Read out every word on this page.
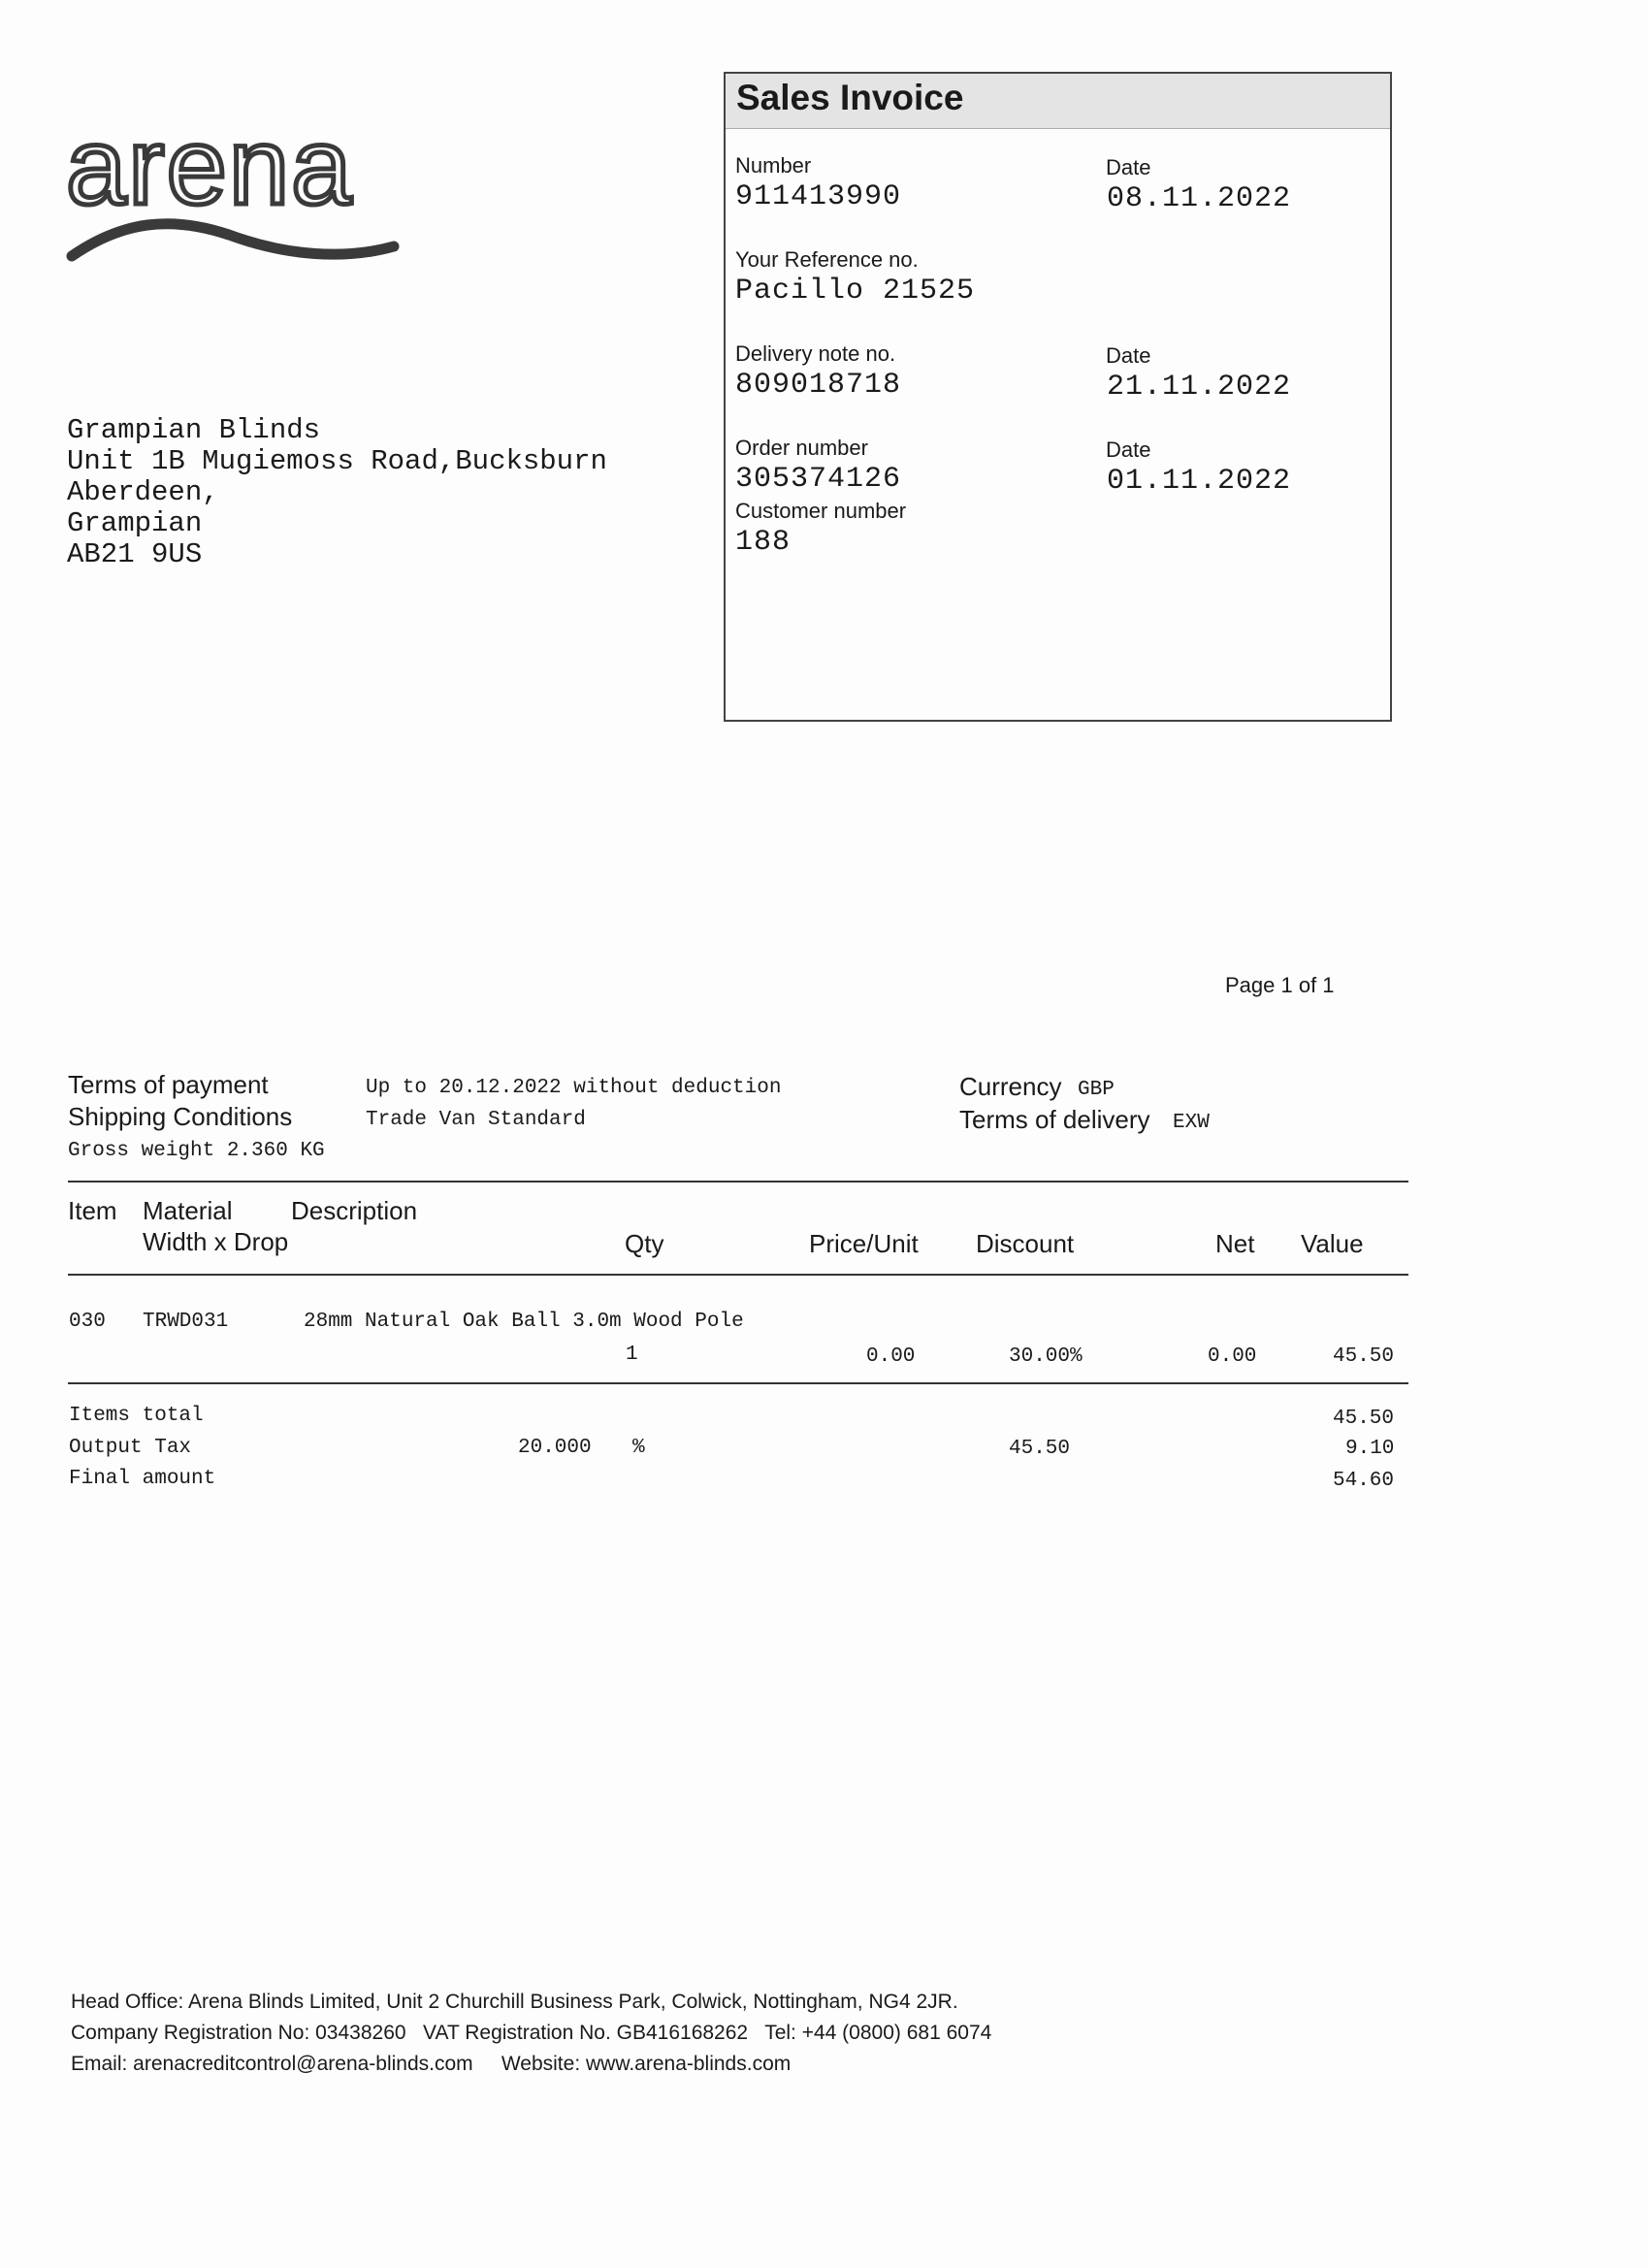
arena
Grampian Blinds
Unit 1B Mugiemoss Road,Bucksburn
Aberdeen,
Grampian
AB21 9US
Sales Invoice
Number
911413990
Date
08.11.2022
Your Reference no.
Pacillo 21525
Delivery note no.
809018718
Date
21.11.2022
Order number
305374126
Date
01.11.2022
Customer number
188
Page 1 of 1
Terms of payment	Up to 20.12.2022 without deduction
Shipping Conditions	Trade Van Standard
Gross weight 2.360 KG
Currency GBP
Terms of delivery EXW
Item Material Description
Width x Drop	Qty	Price/Unit Discount	Net Value
030 TRWD031	28mm Natural Oak Ball 3.0m Wood Pole
1	0.00	30.00%	0.00	45.50
Items total	45.50
Output Tax	20.000 %	45.50	9.10
Final amount	54.60
Head Office: Arena Blinds Limited, Unit 2 Churchill Business Park, Colwick, Nottingham, NG4 2JR.
Company Registration No: 03438260   VAT Registration No. GB416168262   Tel: +44 (0800) 681 6074
Email: arenacreditcontrol@arena-blinds.com     Website: www.arena-blinds.com
